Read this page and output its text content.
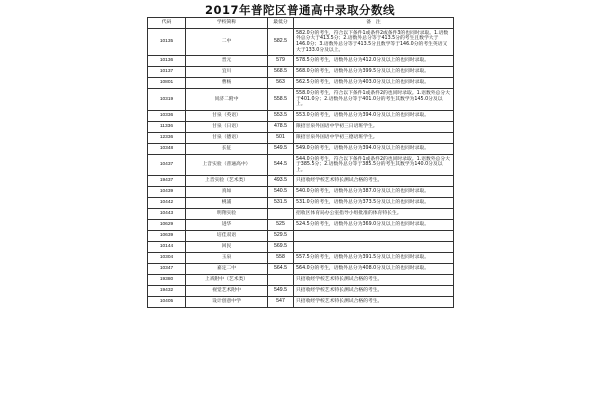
2017年普陀区普通高中录取分数线
代码	学校简称	最低分	备　注
10135	二中	582.5	582.0分的考生，符合以下条件1或条件2或条件3的也同时录取。1.语数外总分大于413.5分；2.语数外总分等于413.5分的考生且数学大于146.0分；3.语数外总分等于413.5分且数学等于146.0分的考生英语又大于133.0分及以上。
10136	晋元	579	578.5分的考生，语数外总分为412.0分及以上的也同时录取。
10137	宜川	568.5	568.0分的考生，语数外总分为399.5分及以上的也同时录取。
10801	曹杨	563	562.5分的考生，语数外总分为403.0分及以上的也同时录取。
10319	同济二附中	558.5	558.0分的考生，符合以下条件1或条件2的也同时录取。1.语数外总分大于401.0分；2.语数外总分等于401.0分的考生其数学为145.0分及以上。
10336	甘泉（英语）	553.5	553.0分的考生，语数外总分为394.0分及以上的也同时录取。
11336	甘泉（日语）	478.5	限招甘泉外国语中学初三日语班学生。
12336	甘泉（德语）	501	限招甘泉外国语中学初三德语班学生。
10348	长征	549.5	549.0分的考生，语数外总分为394.0分及以上的也同时录取。
10437	上音实验（普通高中）	544.5	544.0分的考生，符合以下条件1或条件2的也同时录取。1.语数外总分大于385.5分；2.语数外总分等于385.5分的考生其数学为140.0分及以上。
19437	上音实验（艺术类）	493.5	只招收经学校艺术特长测试合格的考生。
10439	真如	540.5	540.0分的考生，语数外总分为387.0分及以上的也同时录取。
10442	桃浦	531.5	531.0分的考生，语数外总分为373.5分及以上的也同时录取。
10443	明翔实验		招收区体育局办公室指导小组批准的体育特长生。
10629	进华	525	524.5分的考生，语数外总分为369.0分及以上的也同时录取。
10639	培佳双语	529.5	
10144	回民	569.5	
10304	玉泉	558	557.5分的考生，语数外总分为391.5分及以上的也同时录取。
10347	嘉定二中	564.5	564.0分的考生，语数外总分为408.0分及以上的也同时录取。
19380	上戏附中（艺术类）		只招收经学校艺术特长测试合格的考生。
19432	视觉艺术附中	549.5	只招收经学校艺术特长测试合格的考生。
10405	设计创意中学	547	只招收经学校艺术特长测试合格的考生。
